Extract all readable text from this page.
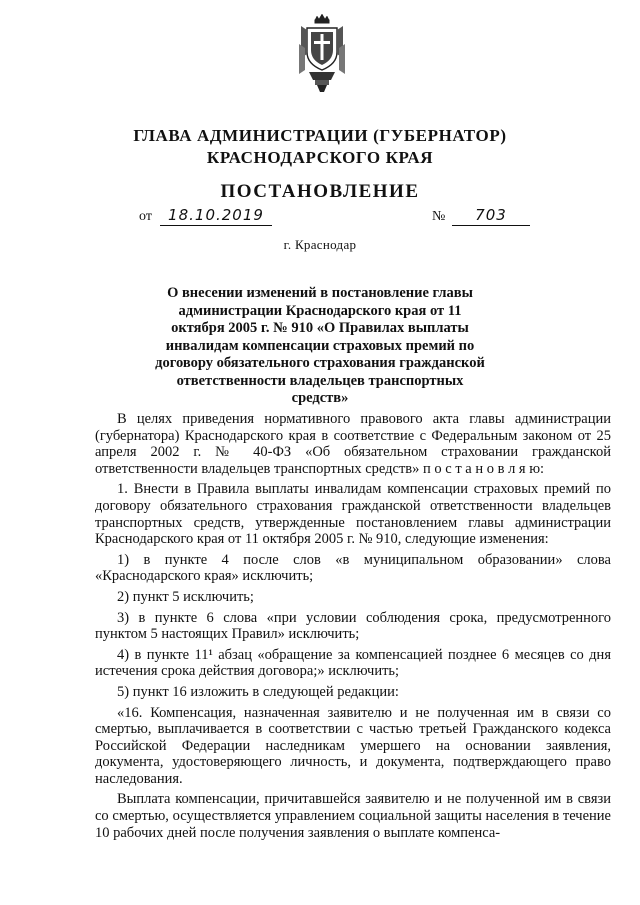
ГЛАВА АДМИНИСТРАЦИИ (ГУБЕРНАТОР)
КРАСНОДАРСКОГО КРАЯ
ПОСТАНОВЛЕНИЕ
от	18.10.2019	№	703
г. Краснодар
О внесении изменений в постановление главы администрации Краснодарского края от 11 октября 2005 г. № 910 «О Правилах выплаты инвалидам компенсации страховых премий по договору обязательного страхования гражданской ответственности владельцев транспортных средств»

В целях приведения нормативного правового акта главы администрации (губернатора) Краснодарского края в соответствие с Федеральным законом от 25 апреля 2002 г. № 40-ФЗ «Об обязательном страховании гражданской ответственности владельцев транспортных средств» п о с т а н о в л я ю:

1. Внести в Правила выплаты инвалидам компенсации страховых премий по договору обязательного страхования гражданской ответственности владельцев транспортных средств, утвержденные постановлением главы администрации Краснодарского края от 11 октября 2005 г. № 910, следующие изменения:

1) в пункте 4 после слов «в муниципальном образовании» слова «Краснодарского края» исключить;

2) пункт 5 исключить;

3) в пункте 6 слова «при условии соблюдения срока, предусмотренного пунктом 5 настоящих Правил» исключить;

4) в пункте 11¹ абзац «обращение за компенсацией позднее 6 месяцев со дня истечения срока действия договора;» исключить;

5) пункт 16 изложить в следующей редакции:

«16. Компенсация, назначенная заявителю и не полученная им в связи со смертью, выплачивается в соответствии с частью третьей Гражданского кодекса Российской Федерации наследникам умершего на основании заявления, документа, удостоверяющего личность, и документа, подтверждающего право наследования.

Выплата компенсации, причитавшейся заявителю и не полученной им в связи со смертью, осуществляется управлением социальной защиты населения в течение 10 рабочих дней после получения заявления о выплате компенса-
